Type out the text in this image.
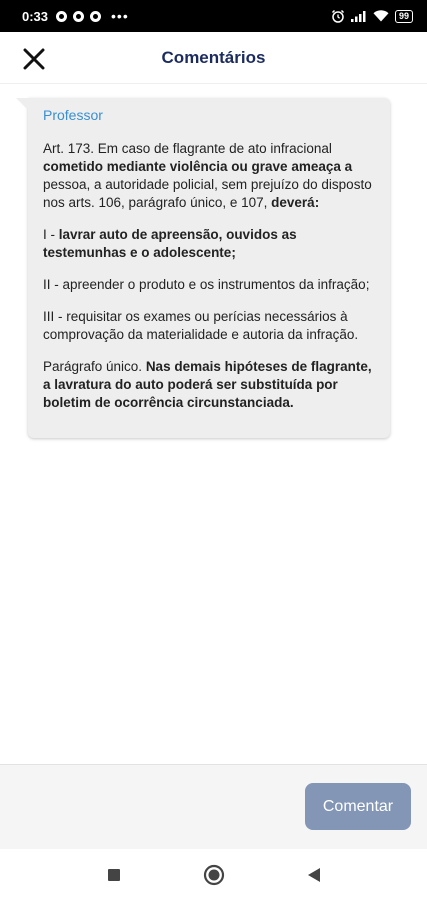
0:33	•••	99
Comentários
Professor

Art. 173. Em caso de flagrante de ato infracional cometido mediante violência ou grave ameaça a pessoa, a autoridade policial, sem prejuízo do disposto nos arts. 106, parágrafo único, e 107, deverá:

I - lavrar auto de apreensão, ouvidos as testemunhas e o adolescente;

II - apreender o produto e os instrumentos da infração;

III - requisitar os exames ou perícias necessários à comprovação da materialidade e autoria da infração.

Parágrafo único. Nas demais hipóteses de flagrante, a lavratura do auto poderá ser substituída por boletim de ocorrência circunstanciada.

Comentar
